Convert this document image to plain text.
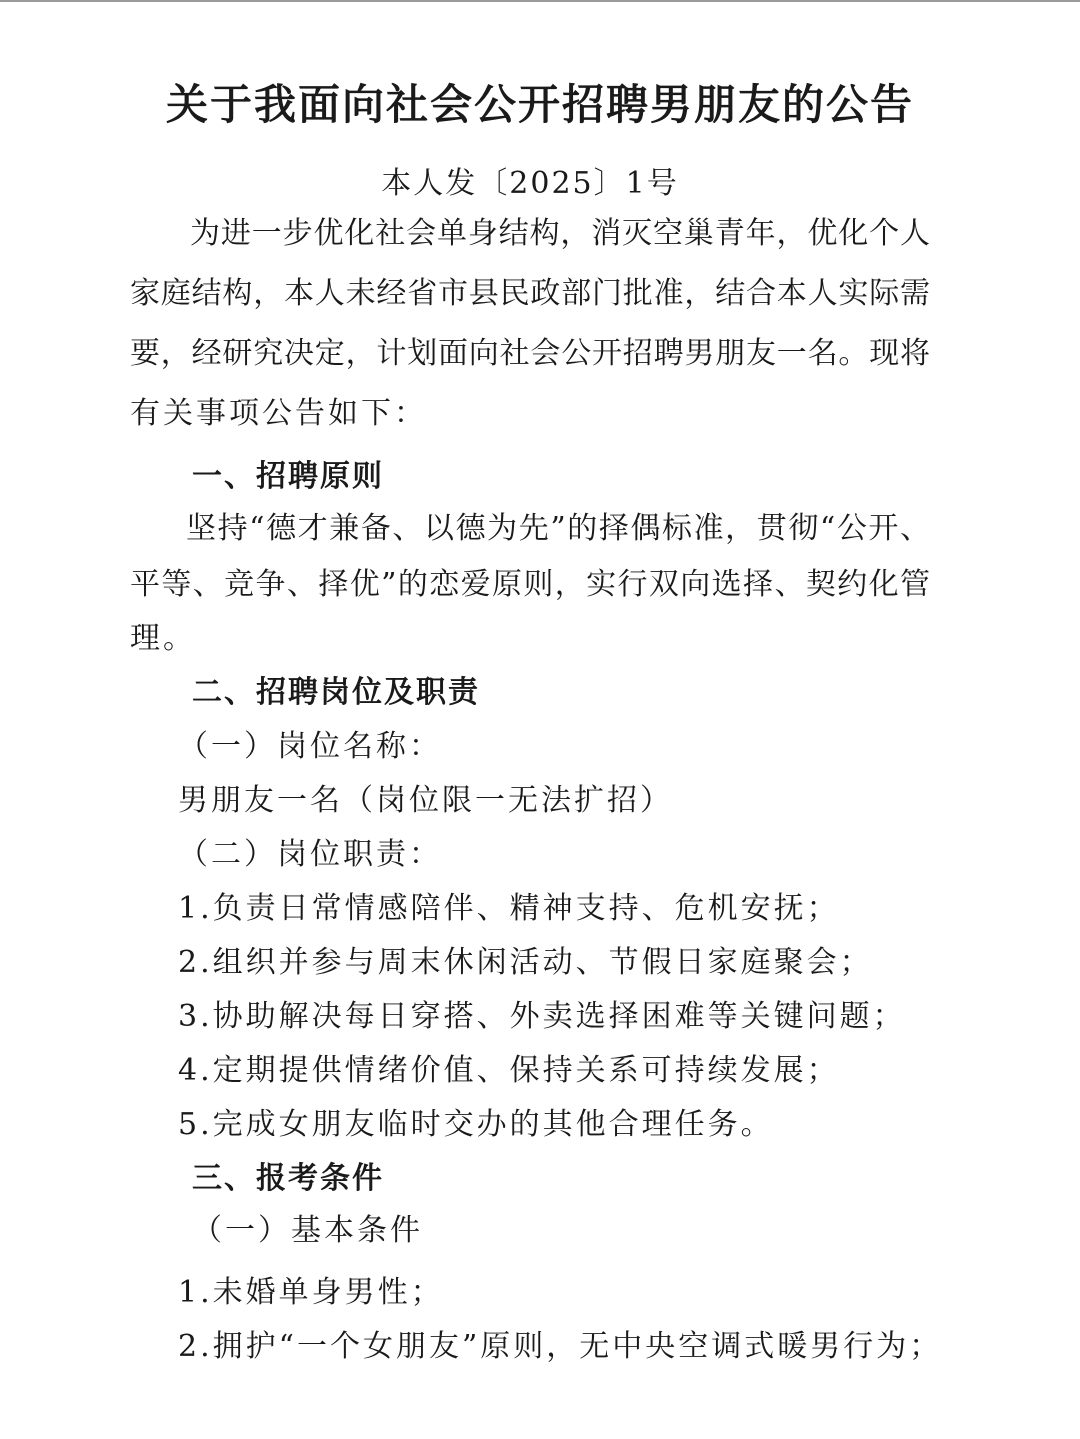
关于我面向社会公开招聘男朋友的公告
本人发〔2025〕1号
为进一步优化社会单身结构，消灭空巢青年，优化个人
家庭结构，本人未经省市县民政部门批准，结合本人实际需
要，经研究决定，计划面向社会公开招聘男朋友一名。现将
有关事项公告如下：
一、招聘原则
坚持“德才兼备、以德为先”的择偶标准，贯彻“公开、
平等、竞争、择优”的恋爱原则，实行双向选择、契约化管
理。
二、招聘岗位及职责
（一）岗位名称：
男朋友一名（岗位限一无法扩招）
（二）岗位职责：
1.负责日常情感陪伴、精神支持、危机安抚；
2.组织并参与周末休闲活动、节假日家庭聚会；
3.协助解决每日穿搭、外卖选择困难等关键问题；
4.定期提供情绪价值、保持关系可持续发展；
5.完成女朋友临时交办的其他合理任务。
三、报考条件
（一）基本条件
1.未婚单身男性；
2.拥护“一个女朋友”原则，无中央空调式暖男行为；
